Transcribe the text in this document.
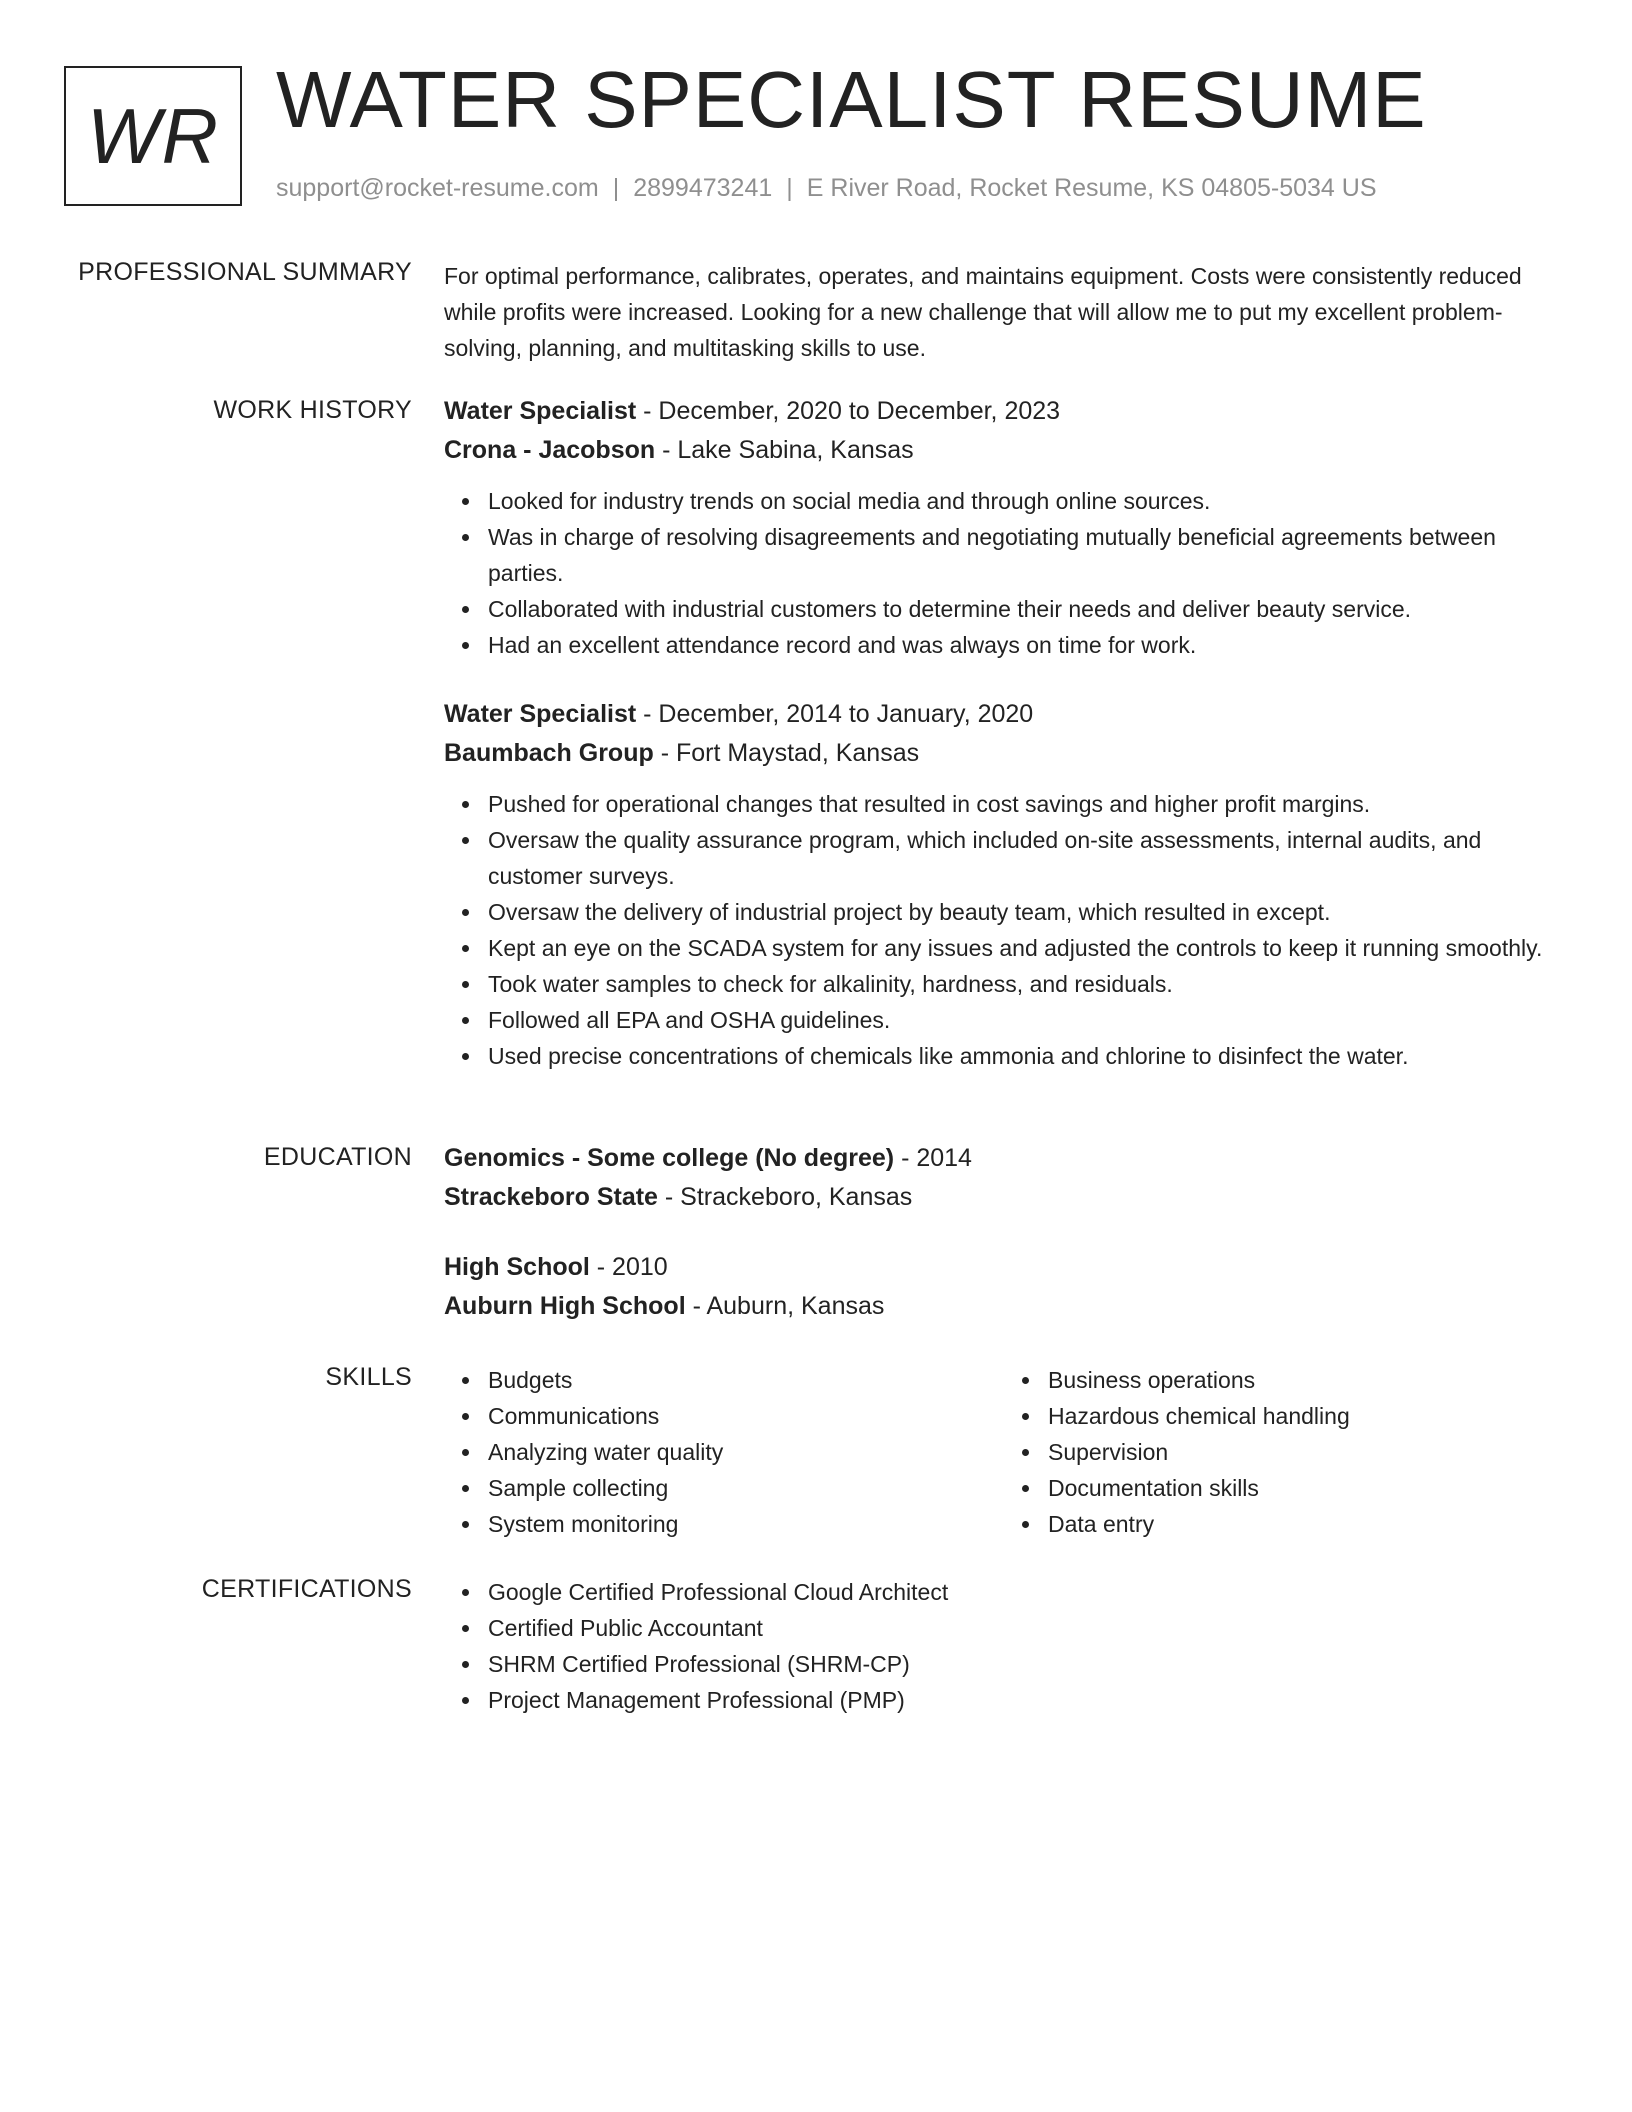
WR WATER SPECIALIST RESUME
support@rocket-resume.com | 2899473241 | E River Road, Rocket Resume, KS 04805-5034 US
PROFESSIONAL SUMMARY For optimal performance, calibrates, operates, and maintains equipment. Costs were consistently reduced while profits were increased. Looking for a new challenge that will allow me to put my excellent problem-solving, planning, and multitasking skills to use.

WORK HISTORY Water Specialist - December, 2020 to December, 2023

Crona - Jacobson - Lake Sabina, Kansas

Looked for industry trends on social media and through online sources.
Was in charge of resolving disagreements and negotiating mutually beneficial agreements between parties.
Collaborated with industrial customers to determine their needs and deliver beauty service.
Had an excellent attendance record and was always on time for work.

Water Specialist - December, 2014 to January, 2020

Baumbach Group - Fort Maystad, Kansas

Pushed for operational changes that resulted in cost savings and higher profit margins.
Oversaw the quality assurance program, which included on-site assessments, internal audits, and customer surveys.
Oversaw the delivery of industrial project by beauty team, which resulted in except.
Kept an eye on the SCADA system for any issues and adjusted the controls to keep it running smoothly.
Took water samples to check for alkalinity, hardness, and residuals.
Followed all EPA and OSHA guidelines.
Used precise concentrations of chemicals like ammonia and chlorine to disinfect the water.
EDUCATION Genomics - Some college (No degree) - 2014

Strackeboro State - Strackeboro, Kansas

High School - 2010

Auburn High School - Auburn, Kansas

SKILLS	Budgets
Communications
Analyzing water quality
Sample collecting
System monitoring
Business operations
Hazardous chemical handling
Supervision
Documentation skills
Data entry
CERTIFICATIONS	Google Certified Professional Cloud Architect
Certified Public Accountant
SHRM Certified Professional (SHRM-CP)
Project Management Professional (PMP)
